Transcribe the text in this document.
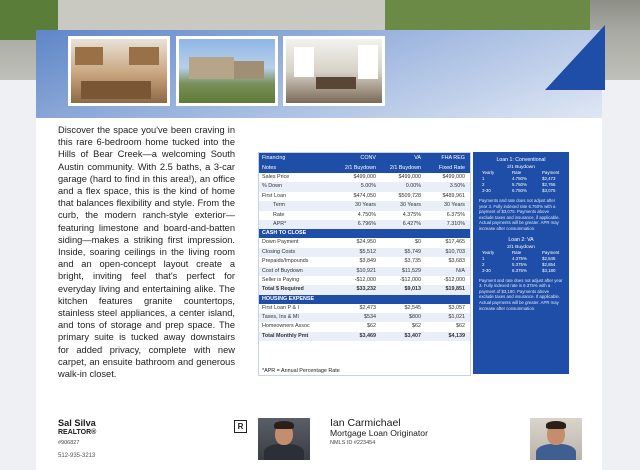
Discover the space you've been craving in this rare 6-bedroom home tucked into the Hills of Bear Creek—a welcoming South Austin community. With 2.5 baths, a 3-car garage (hard to find in this area!), an office and a flex space, this is the kind of home that balances flexibility and style. From the curb, the modern ranch-style exterior—featuring limestone and board-and-batten siding—makes a striking first impression. Inside, soaring ceilings in the living room and an open-concept layout create a bright, inviting feel that's perfect for everyday living and entertaining alike. The kitchen features granite countertops, stainless steel appliances, a center island, and tons of storage and prep space. The primary suite is tucked away downstairs for added privacy, complete with new carpet, an ensuite bathroom and generous walk-in closet.
Financing	CONV	VA	FHA REG
Notes	2/1 Buydown	2/1 Buydown	Fixed Rate
Sales Price	$499,000	$499,000	$499,000
% Down	5.00%	0.00%	3.50%
First Loan	$474,050	$509,728	$489,961
Term	30 Years	30 Years	30 Years
Rate	4.750%	4.375%	6.375%
APR*	6.796%	6.427%	7.310%
CASH TO CLOSE
Down Payment	$24,950	$0	$17,465
Closing Costs	$5,512	$5,749	$10,703
Prepaids/Impounds	$3,849	$3,735	$3,683
Cost of Buydown	$10,921	$11,529	N/A
Seller is Paying	-$12,000	-$12,000	-$12,000
Total $ Required	$33,232	$9,013	$19,851
HOUSING EXPENSE
First Loan P & I	$2,473	$2,545	$3,057
Taxes, Ins & MI	$534	$800	$1,021
Homeowners Assoc	$62	$62	$62
Total Monthly Pmt	$3,469	$3,407	$4,139
*APR = Annual Percentage Rate
Loan 1: Conventional
2/1 Buydown
Yearly	Rate	Payment
1	4.750%	$2,473
2	5.750%	$2,766
3-30	6.750%	$3,075
Payments and rate does not adjust after year 3. Fully indexed rate 6.750% with a payment of $3,075. Payments above exclude taxes and insurance, if applicable. Actual payments will be greater. APR may increase after consummation.
Loan 2: VA
2/1 Buydown
Yearly	Rate	Payment
1	4.375%	$2,545
2	5.375%	$2,854
3-30	6.375%	$3,180
Payment and rate does not adjust after year 3. Fully indexed rate is 6.375% with a payment of $3,180. Payments above exclude taxes and insurance. If applicable. Actual payments will be greater. APR may increase after consummation.
Sal Silva
REALTOR®
#906827
R	Ian Carmichael
Mortgage Loan Originator
NMLS ID #223454
512-935-3213
